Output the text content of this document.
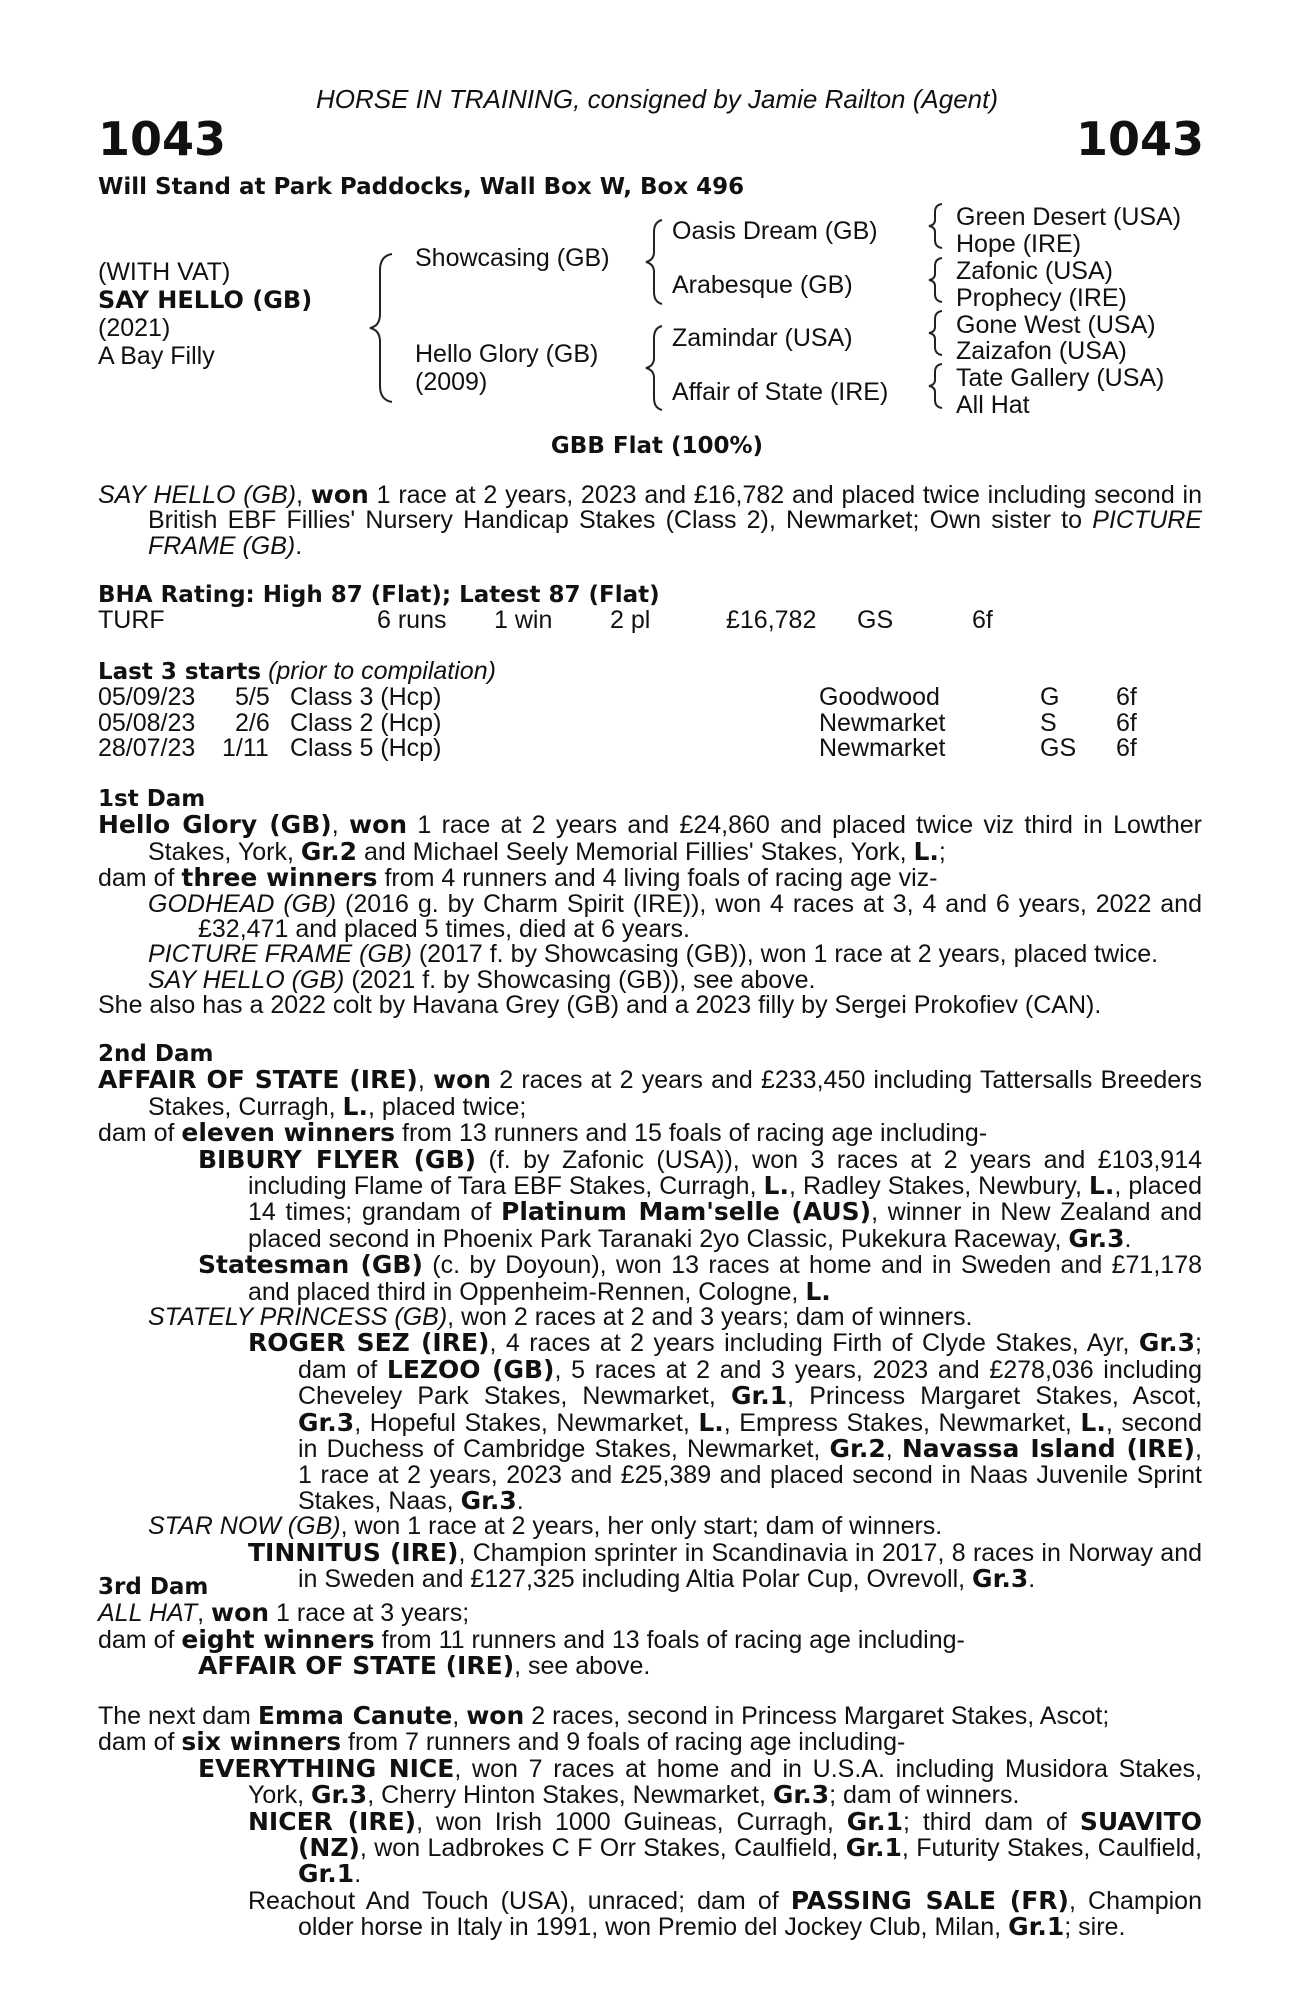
HORSE IN TRAINING, consigned by Jamie Railton (Agent)
1043	1043
Will Stand at Park Paddocks, Wall Box W, Box 496
(WITH VAT)
SAY HELLO (GB)
(2021)
A Bay Filly
Showcasing (GB)
Hello Glory (GB)
(2009)
Oasis Dream (GB)
Arabesque (GB)
Zamindar (USA)
Affair of State (IRE)
Green Desert (USA)
Hope (IRE)
Zafonic (USA)
Prophecy (IRE)
Gone West (USA)
Zaizafon (USA)
Tate Gallery (USA)
All Hat
GBB Flat (100%)

SAY HELLO (GB), won 1 race at 2 years, 2023 and £16,782 and placed twice including second in British EBF Fillies' Nursery Handicap Stakes (Class 2), Newmarket; Own sister to PICTURE FRAME (GB).

BHA Rating: High 87 (Flat); Latest 87 (Flat)
TURF	6 runs 1 win 2 pl	£16,782 GS	6f
Last 3 starts (prior to compilation)
05/09/23 5/5 Class 3 (Hcp)	Goodwood	G 6f
05/08/23 2/6 Class 2 (Hcp)	Newmarket	S 6f
28/07/23 1/11 Class 5 (Hcp)	Newmarket	GS 6f
1st Dam

Hello Glory (GB), won 1 race at 2 years and £24,860 and placed twice viz third in Lowther Stakes, York, Gr.2 and Michael Seely Memorial Fillies' Stakes, York, L.;

dam of three winners from 4 runners and 4 living foals of racing age viz-

GODHEAD (GB) (2016 g. by Charm Spirit (IRE)), won 4 races at 3, 4 and 6 years, 2022 and £32,471 and placed 5 times, died at 6 years.

PICTURE FRAME (GB) (2017 f. by Showcasing (GB)), won 1 race at 2 years, placed twice.

SAY HELLO (GB) (2021 f. by Showcasing (GB)), see above.

She also has a 2022 colt by Havana Grey (GB) and a 2023 filly by Sergei Prokofiev (CAN).

2nd Dam

AFFAIR OF STATE (IRE), won 2 races at 2 years and £233,450 including Tattersalls Breeders Stakes, Curragh, L., placed twice;

dam of eleven winners from 13 runners and 15 foals of racing age including-

BIBURY FLYER (GB) (f. by Zafonic (USA)), won 3 races at 2 years and £103,914 including Flame of Tara EBF Stakes, Curragh, L., Radley Stakes, Newbury, L., placed 14 times; grandam of Platinum Mam'selle (AUS), winner in New Zealand and placed second in Phoenix Park Taranaki 2yo Classic, Pukekura Raceway, Gr.3.

Statesman (GB) (c. by Doyoun), won 13 races at home and in Sweden and £71,178 and placed third in Oppenheim-Rennen, Cologne, L.

STATELY PRINCESS (GB), won 2 races at 2 and 3 years; dam of winners.

ROGER SEZ (IRE), 4 races at 2 years including Firth of Clyde Stakes, Ayr, Gr.3; dam of LEZOO (GB), 5 races at 2 and 3 years, 2023 and £278,036 including Cheveley Park Stakes, Newmarket, Gr.1, Princess Margaret Stakes, Ascot, Gr.3, Hopeful Stakes, Newmarket, L., Empress Stakes, Newmarket, L., second in Duchess of Cambridge Stakes, Newmarket, Gr.2, Navassa Island (IRE), 1 race at 2 years, 2023 and £25,389 and placed second in Naas Juvenile Sprint Stakes, Naas, Gr.3.

STAR NOW (GB), won 1 race at 2 years, her only start; dam of winners.

TINNITUS (IRE), Champion sprinter in Scandinavia in 2017, 8 races in Norway and in Sweden and £127,325 including Altia Polar Cup, Ovrevoll, Gr.3.

3rd Dam

ALL HAT, won 1 race at 3 years;

dam of eight winners from 11 runners and 13 foals of racing age including-

AFFAIR OF STATE (IRE), see above.

The next dam Emma Canute, won 2 races, second in Princess Margaret Stakes, Ascot;

dam of six winners from 7 runners and 9 foals of racing age including-

EVERYTHING NICE, won 7 races at home and in U.S.A. including Musidora Stakes, York, Gr.3, Cherry Hinton Stakes, Newmarket, Gr.3; dam of winners.

NICER (IRE), won Irish 1000 Guineas, Curragh, Gr.1; third dam of SUAVITO (NZ), won Ladbrokes C F Orr Stakes, Caulfield, Gr.1, Futurity Stakes, Caulfield, Gr.1.

Reachout And Touch (USA), unraced; dam of PASSING SALE (FR), Champion older horse in Italy in 1991, won Premio del Jockey Club, Milan, Gr.1; sire.
